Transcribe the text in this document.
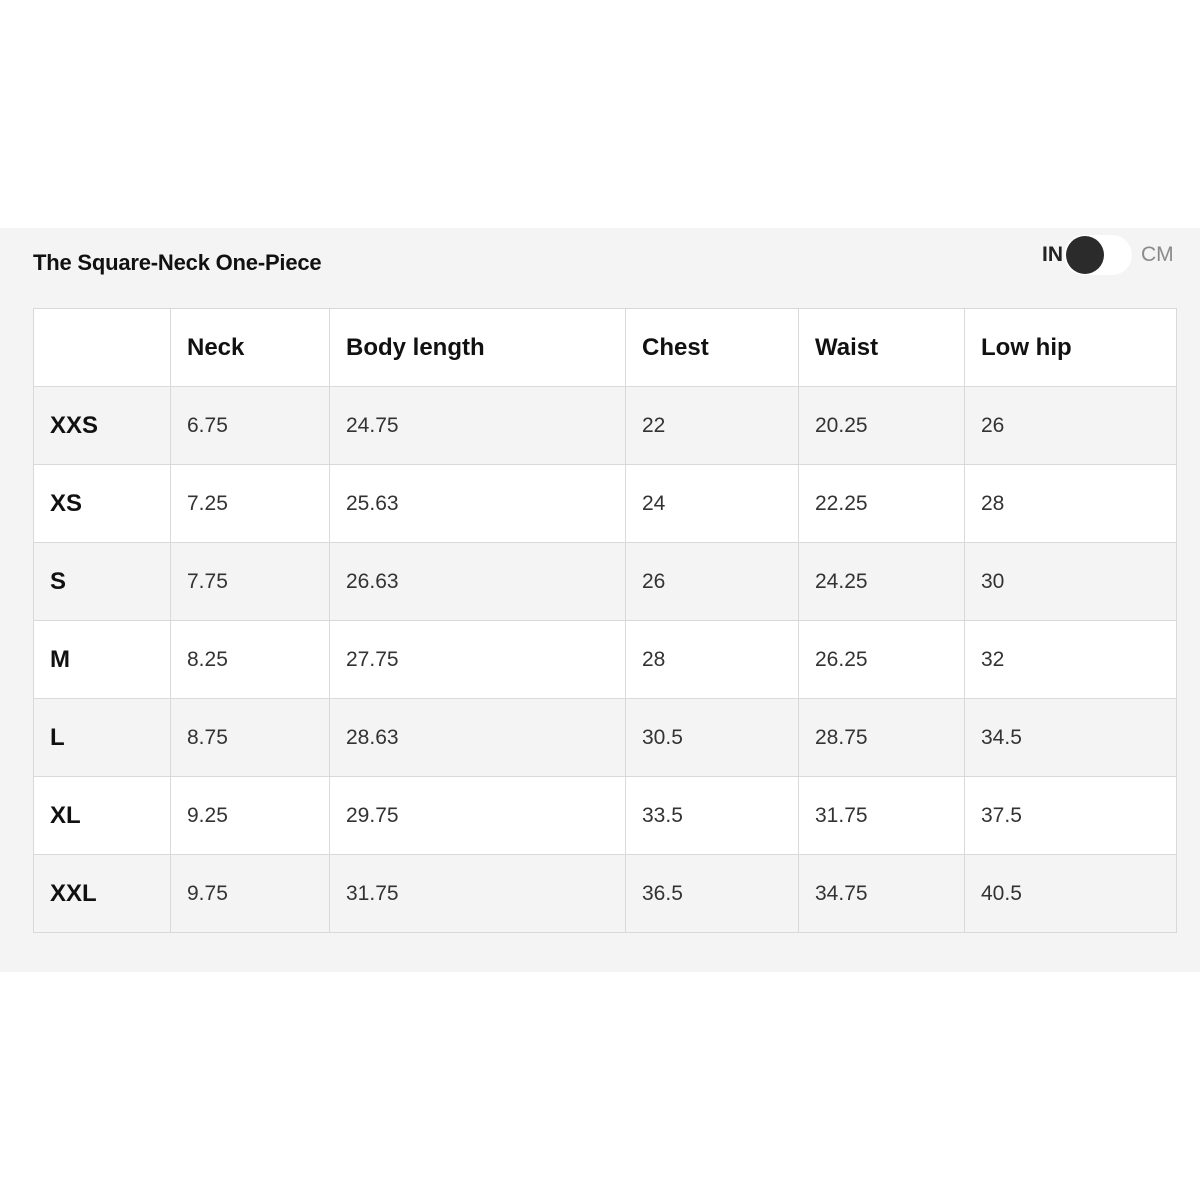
The Square-Neck One-Piece	IN	CM
	Neck	Body length	Chest	Waist	Low hip
XXS	6.75	24.75	22	20.25	26
XS	7.25	25.63	24	22.25	28
S	7.75	26.63	26	24.25	30
M	8.25	27.75	28	26.25	32
L	8.75	28.63	30.5	28.75	34.5
XL	9.25	29.75	33.5	31.75	37.5
XXL	9.75	31.75	36.5	34.75	40.5
